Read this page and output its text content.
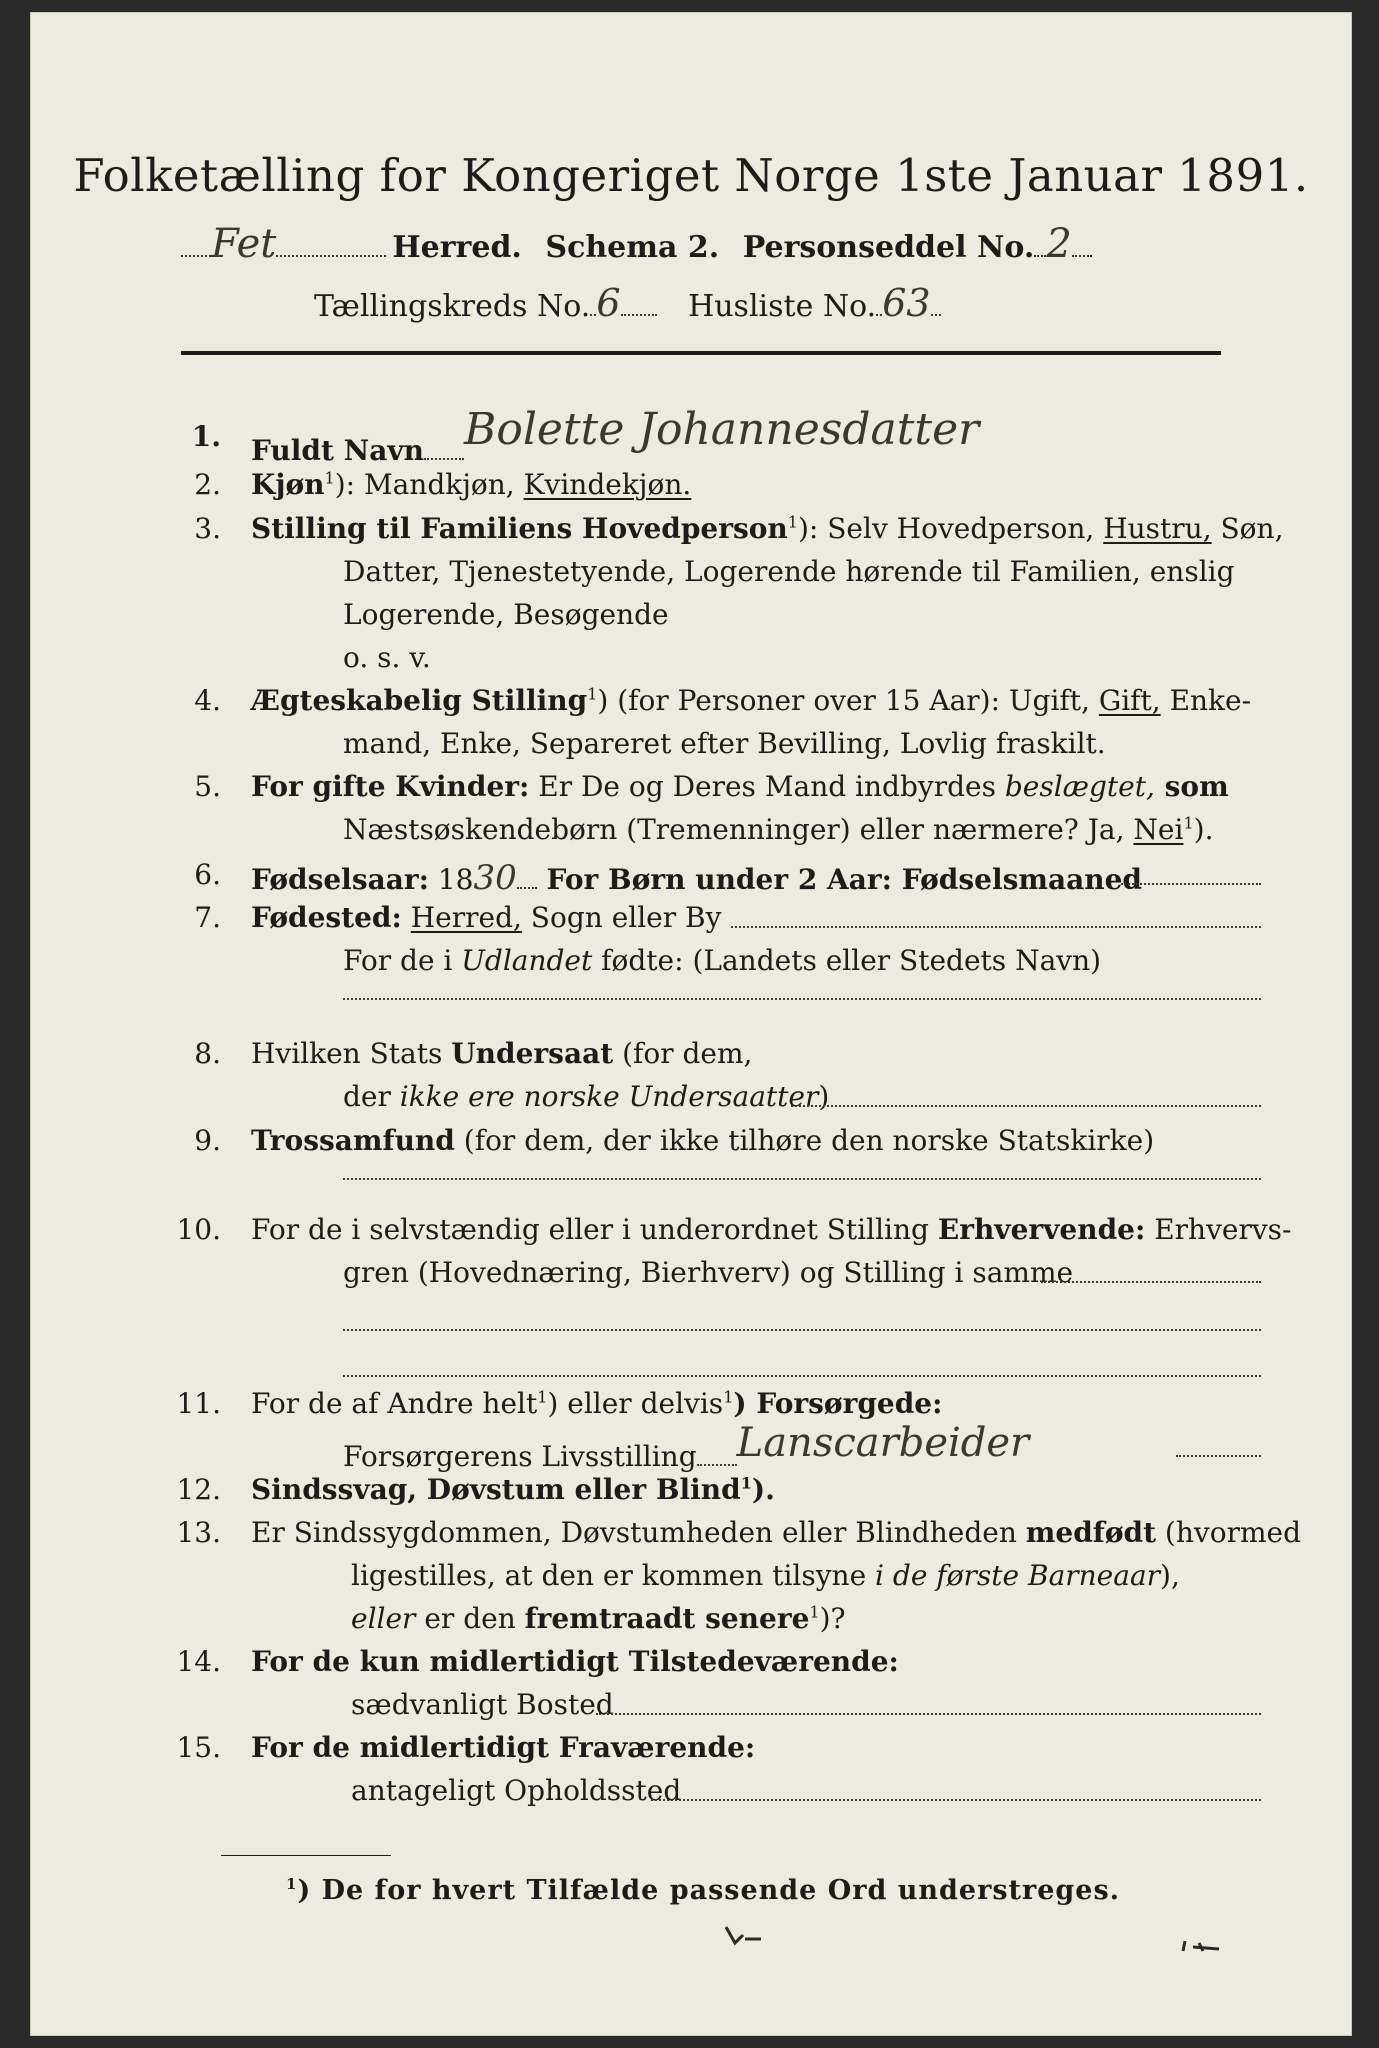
Folketælling for Kongeriget Norge 1ste Januar 1891.
Fet	Herred. Schema 2. Personseddel No. 2
Tællingskreds No. 6 Husliste No. 63
1. Fuldt Navn Bolette Johannesdatter
2. Kjøn$^1$): Mandkjøn, Kvindekjøn.
3. Stilling til Familiens Hovedperson$^1$): Selv Hovedperson, Hustru, Søn,
Datter, Tjenestetyende, Logerende hørende til Familien, enslig
Logerende, Besøgende
o. s. v.
4. Ægteskabelig Stilling$^1$) (for Personer over 15 Aar): Ugift, Gift, Enke-
mand, Enke, Separeret efter Bevilling, Lovlig fraskilt.
5. For gifte Kvinder: Er De og Deres Mand indbyrdes beslægtet, som
Næstsøskendebørn (Tremenninger) eller nærmere? Ja, Nei$^1$).
6. Fødselsaar: 1830 For Børn under 2 Aar: Fødselsmaaned
7. Fødested: Herred, Sogn eller By
For de i Udlandet fødte: (Landets eller Stedets Navn)
8. Hvilken Stats Undersaat (for dem,
der ikke ere norske Undersaatter)
9. Trossamfund (for dem, der ikke tilhøre den norske Statskirke)
10. For de i selvstændig eller i underordnet Stilling Erhvervende: Erhvervs-
gren (Hovednæring, Bierhverv) og Stilling i samme
11. For de af Andre helt$^1$) eller delvis$^1$) Forsørgede:
Forsørgerens Livsstilling Lanscarbeider
12. Sindssvag, Døvstum eller Blind$^1$).
13. Er Sindssygdommen, Døvstumheden eller Blindheden medfødt (hvormed
ligestilles, at den er kommen tilsyne i de første Barneaar),
eller er den fremtraadt senere$^1$)?
14. For de kun midlertidigt Tilstedeværende:
sædvanligt Bosted
15. For de midlertidigt Fraværende:
antageligt Opholdssted
$^1$) De for hvert Tilfælde passende Ord understreges.
